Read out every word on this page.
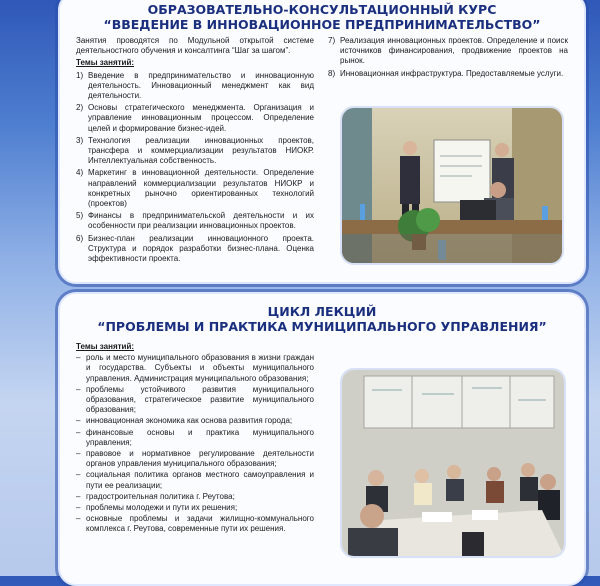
ОБРАЗОВАТЕЛЬНО-КОНСУЛЬТАЦИОННЫЙ КУРС
“ВВЕДЕНИЕ В ИННОВАЦИОННОЕ ПРЕДПРИНИМАТЕЛЬСТВО”
Занятия проводятся по Модульной открытой системе деятельностного обучения и консалтинга “Шаг за шагом”.
Темы занятий:
1) Введение в предпринимательство и инновационную деятельность. Инновационный менеджмент как вид деятельности.
2) Основы стратегического менеджмента. Организация и управление инновационным процессом. Определение целей и формирование бизнес-идей.
3) Технология реализации инновационных проектов, трансфера и коммерциализации результатов НИОКР. Интеллектуальная собственность.
4) Маркетинг в инновационной деятельности. Определение направлений коммерциализации результатов НИОКР и конкретных рыночно ориентированных технологий (проектов)
5) Финансы в предпринимательской деятельности и их особенности при реализации инновационных проектов.
6) Бизнес-план реализации инновационного проекта. Структура и порядок разработки бизнес-плана. Оценка эффективности проекта.
7) Реализация инновационных проектов. Определение и поиск источников финансирования, продвижение проектов на рынок.
8) Инновационная инфраструктура. Предоставляемые услуги.
ЦИКЛ ЛЕКЦИЙ
“ПРОБЛЕМЫ И ПРАКТИКА МУНИЦИПАЛЬНОГО УПРАВЛЕНИЯ”
Темы занятий:
– роль и место муниципального образования в жизни граждан и государства. Субъекты и объекты муниципального управления. Администрация муниципального образования;
– проблемы устойчивого развития муниципального образования, стратегическое развитие муниципального образования;
– инновационная экономика как основа развития города;
– финансовые основы и практика муниципального управления;
– правовое и нормативное регулирование деятельности органов управления муниципального образования;
– социальная политика органов местного самоуправления и пути ее реализации;
– градостроительная политика г. Реутова;
– проблемы молодежи и пути их решения;
– основные проблемы и задачи жилищно-коммунального комплекса г. Реутова, современные пути их решения.
